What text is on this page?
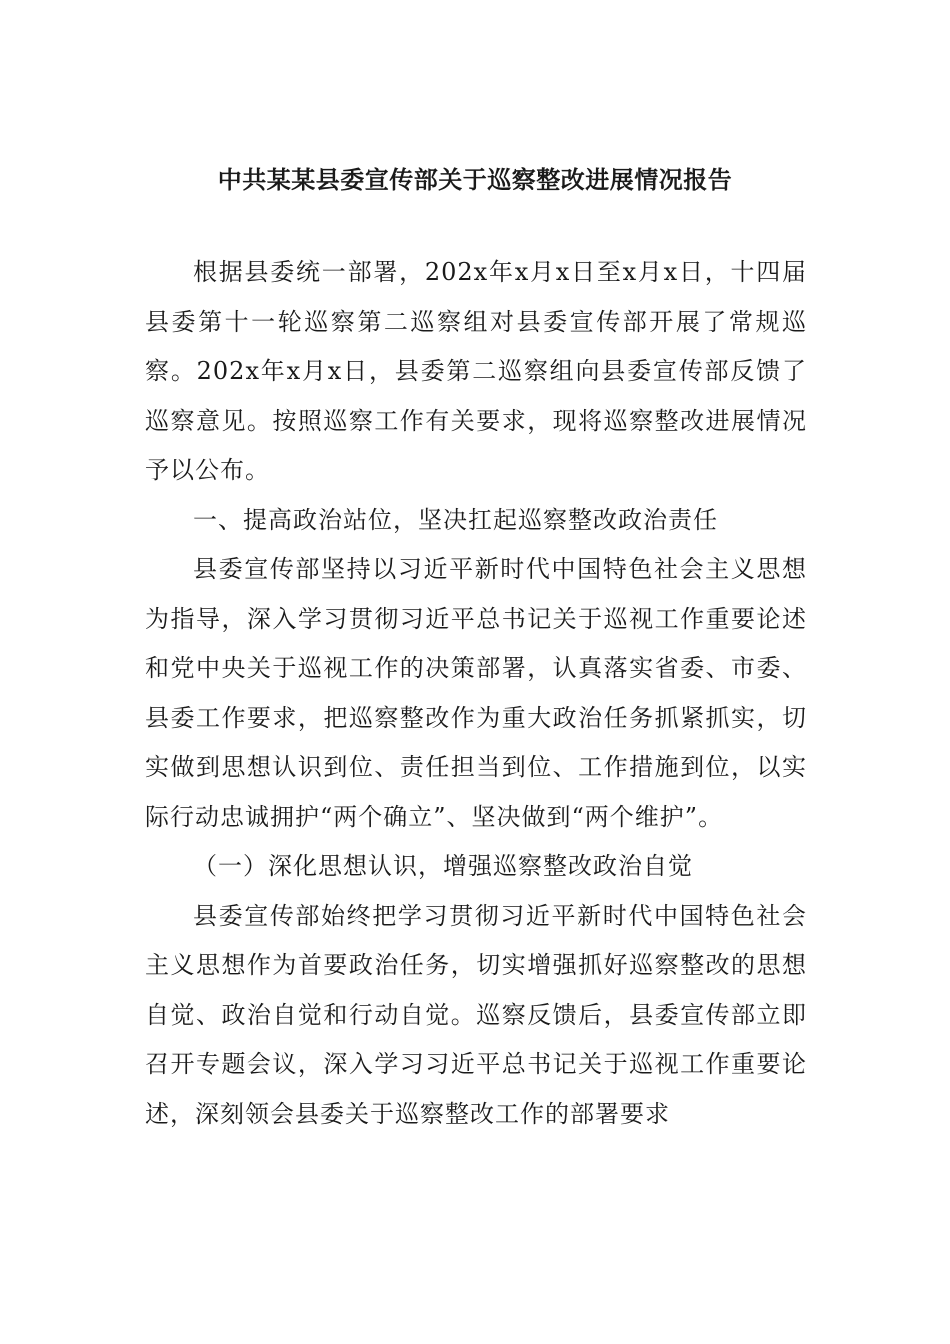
中共某某县委宣传部关于巡察整改进展情况报告

根据县委统一部署，202x年x月x日至x月x日，十四届县委第十一轮巡察第二巡察组对县委宣传部开展了常规巡察。202x年x月x日，县委第二巡察组向县委宣传部反馈了巡察意见。按照巡察工作有关要求，现将巡察整改进展情况予以公布。

一、提高政治站位，坚决扛起巡察整改政治责任

县委宣传部坚持以习近平新时代中国特色社会主义思想为指导，深入学习贯彻习近平总书记关于巡视工作重要论述和党中央关于巡视工作的决策部署，认真落实省委、市委、县委工作要求，把巡察整改作为重大政治任务抓紧抓实，切实做到思想认识到位、责任担当到位、工作措施到位，以实际行动忠诚拥护“两个确立”、坚决做到“两个维护”。

（一）深化思想认识，增强巡察整改政治自觉

县委宣传部始终把学习贯彻习近平新时代中国特色社会主义思想作为首要政治任务，切实增强抓好巡察整改的思想自觉、政治自觉和行动自觉。巡察反馈后，县委宣传部立即召开专题会议，深入学习习近平总书记关于巡视工作重要论述，深刻领会县委关于巡察整改工作的部署要求
